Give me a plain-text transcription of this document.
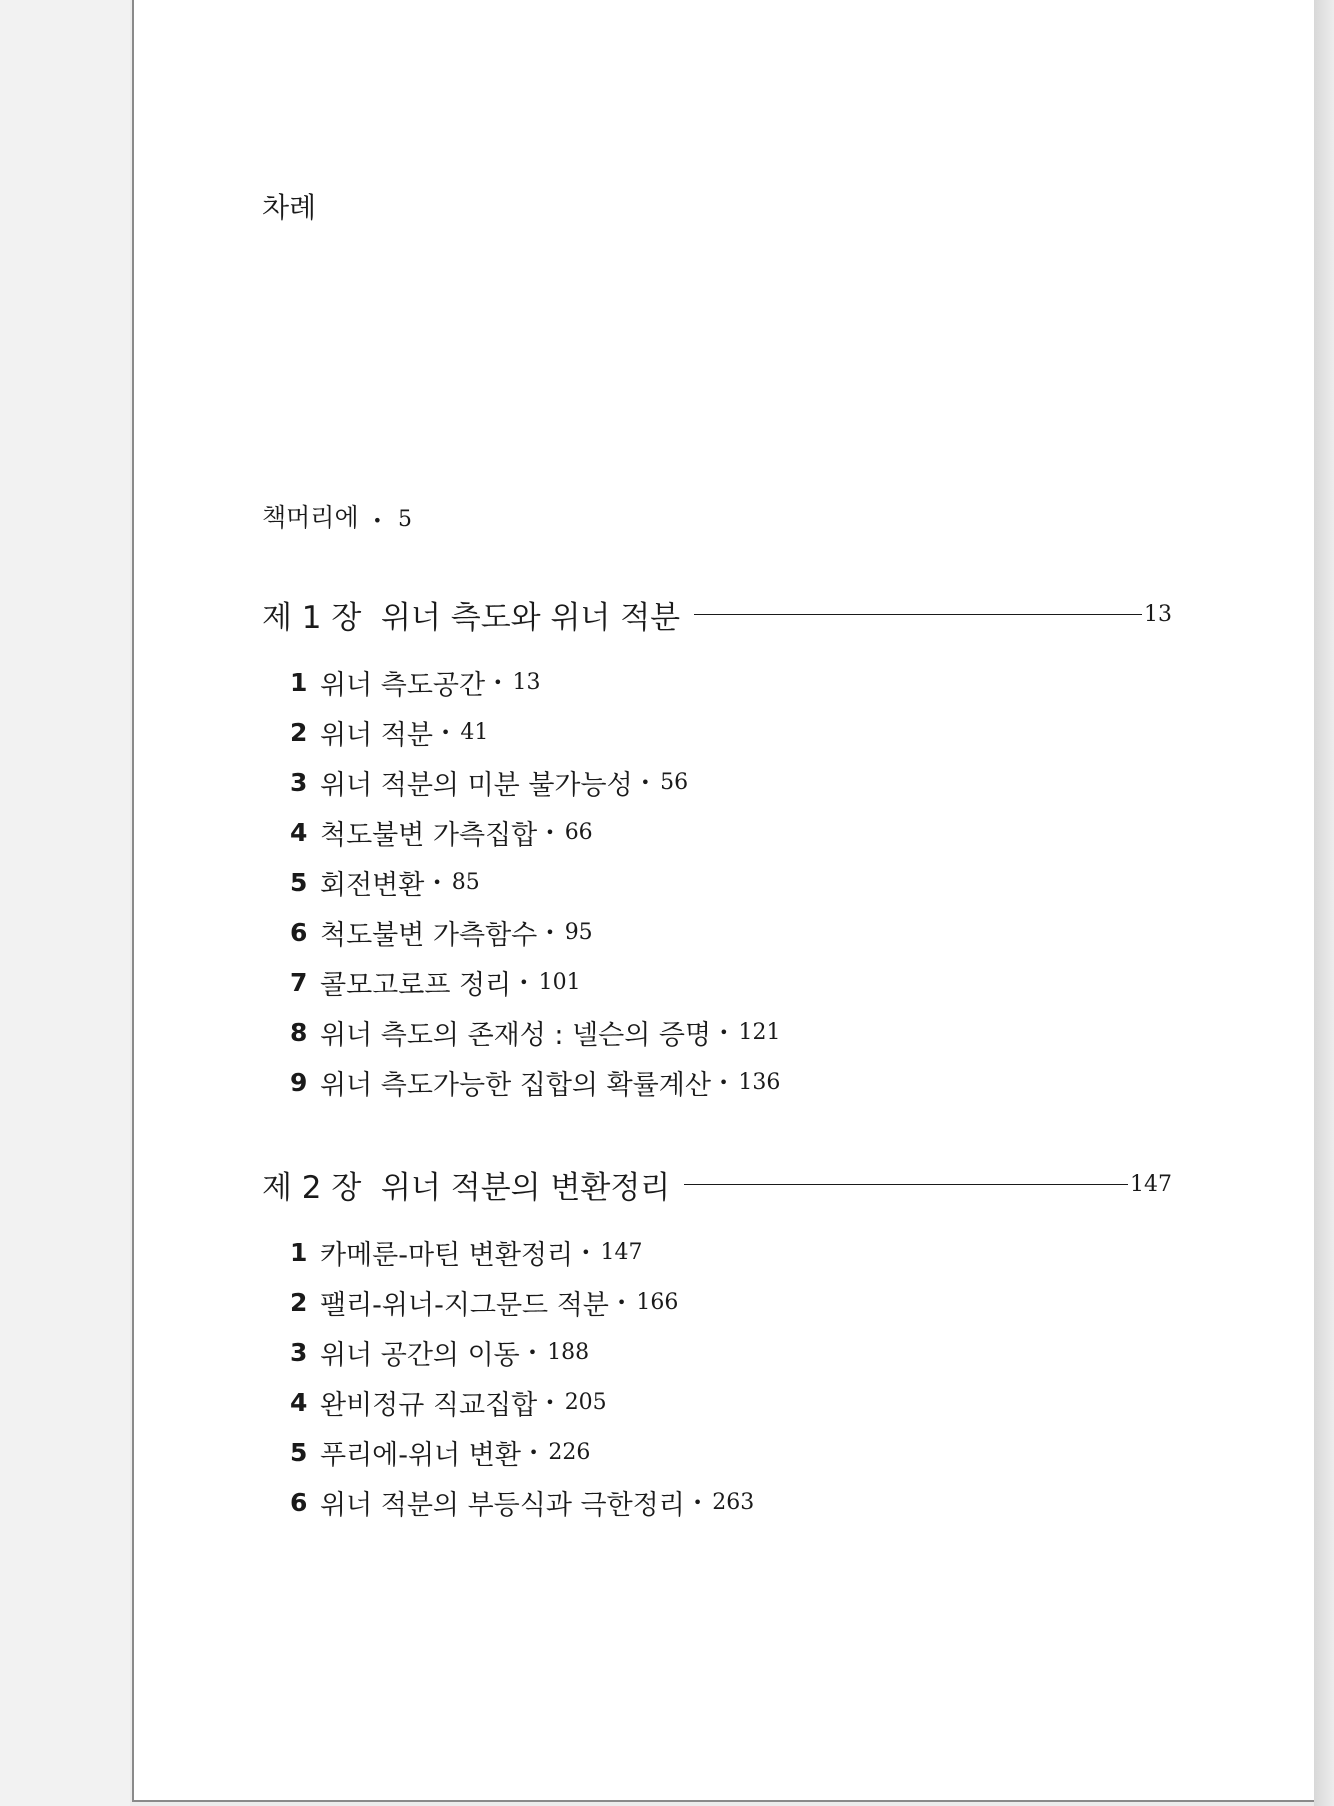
차례
책머리에 • 5
제 1 장  위너 측도와 위너 적분	13
1 위너 측도공간 • 13
2 위너 적분 • 41
3 위너 적분의 미분 불가능성 • 56
4 척도불변 가측집합 • 66
5 회전변환 • 85
6 척도불변 가측함수 • 95
7 콜모고로프 정리 • 101
8 위너 측도의 존재성 : 넬슨의 증명 • 121
9 위너 측도가능한 집합의 확률계산 • 136
제 2 장  위너 적분의 변환정리	147
1 카메룬-마틴 변환정리 • 147
2 팰리-위너-지그문드 적분 • 166
3 위너 공간의 이동 • 188
4 완비정규 직교집합 • 205
5 푸리에-위너 변환 • 226
6 위너 적분의 부등식과 극한정리 • 263
